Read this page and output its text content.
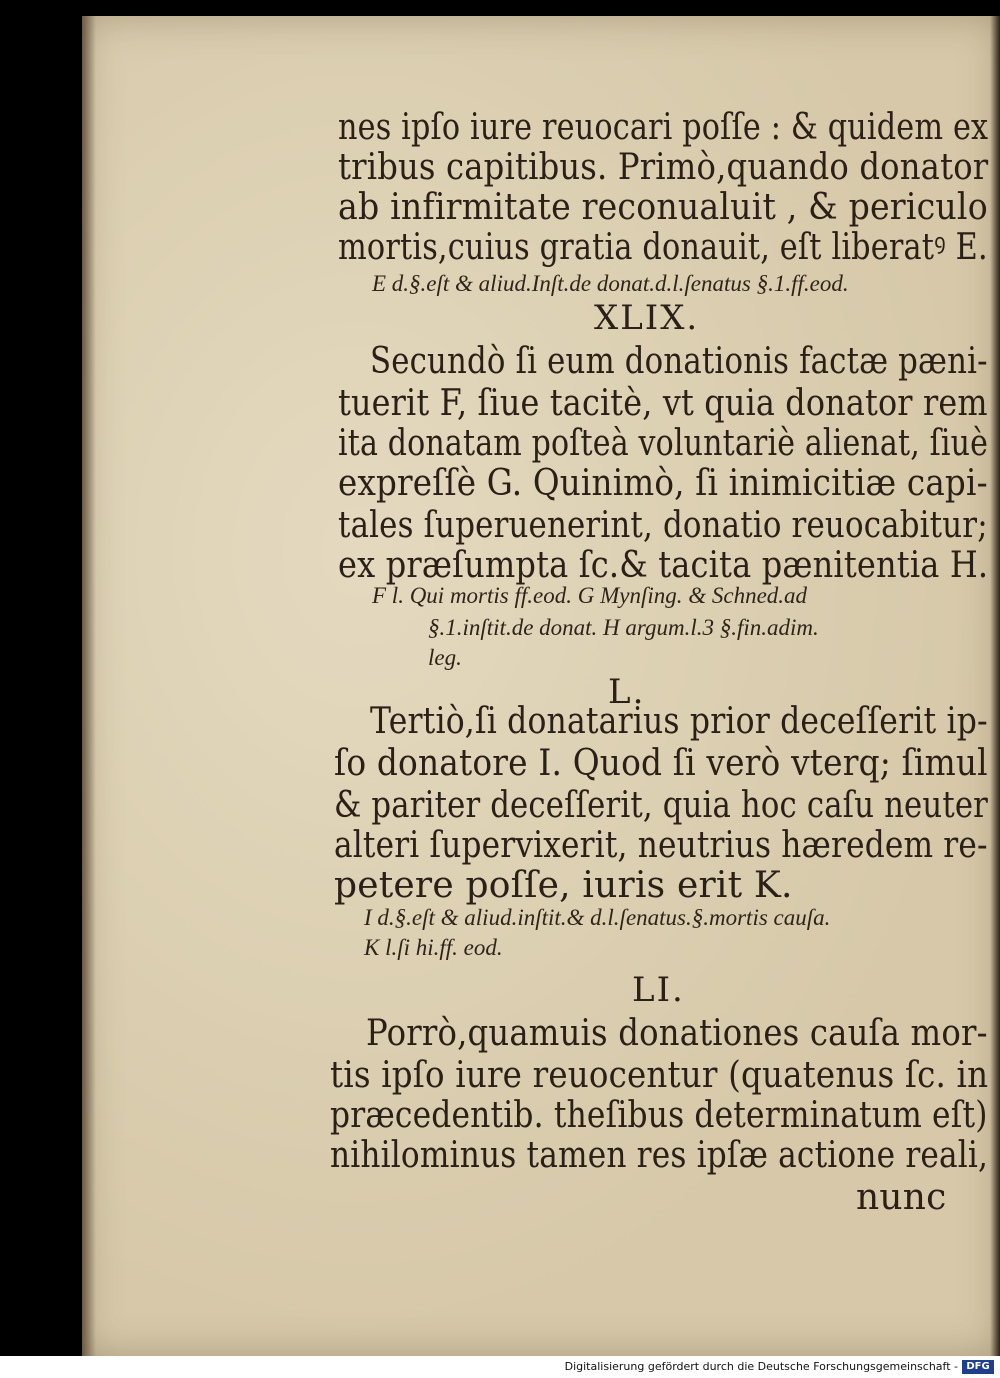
nes ipſo iure reuocari poſſe : & quidem ex

tribus capitibus. Primò,quando donator

ab infirmitate reconualuit , & periculo

mortis,cuius gratia donauit, eſt liberatꝰ E.

E d.§.eſt & aliud.Inſt.de donat.d.l.ſenatus §.1.ff.eod.

XLIX.

Secundò ſi eum donationis factæ pæni-

tuerit F, ſiue tacitè, vt quia donator rem

ita donatam poſteà voluntariè alienat, ſiuè

expreſſè G. Quinimò, ſi inimicitiæ capi-

tales ſuperuenerint, donatio reuocabitur;

ex præſumpta ſc.& tacita pænitentia H.

F l. Qui mortis ff.eod. G Mynſing. & Schned.ad

§.1.inſtit.de donat. H argum.l.3 §.fin.adim.

leg.

L.

Tertiò,ſi donatarius prior deceſſerit ip-

ſo donatore I. Quod ſi verò vterq; ſimul

& pariter deceſſerit, quia hoc caſu neuter

alteri ſupervixerit, neutrius hæredem re-

petere poſſe, iuris erit K.

I d.§.eſt & aliud.inſtit.& d.l.ſenatus.§.mortis cauſa.

K l.ſi hi.ff. eod.

LI.

Porrò,quamuis donationes cauſa mor-

tis ipſo iure reuocentur (quatenus ſc. in

præcedentib. theſibus determinatum eſt)

nihilominus tamen res ipſæ actione reali,

nunc

Digitalisierung gefördert durch die Deutsche Forschungsgemeinschaft - DFG
